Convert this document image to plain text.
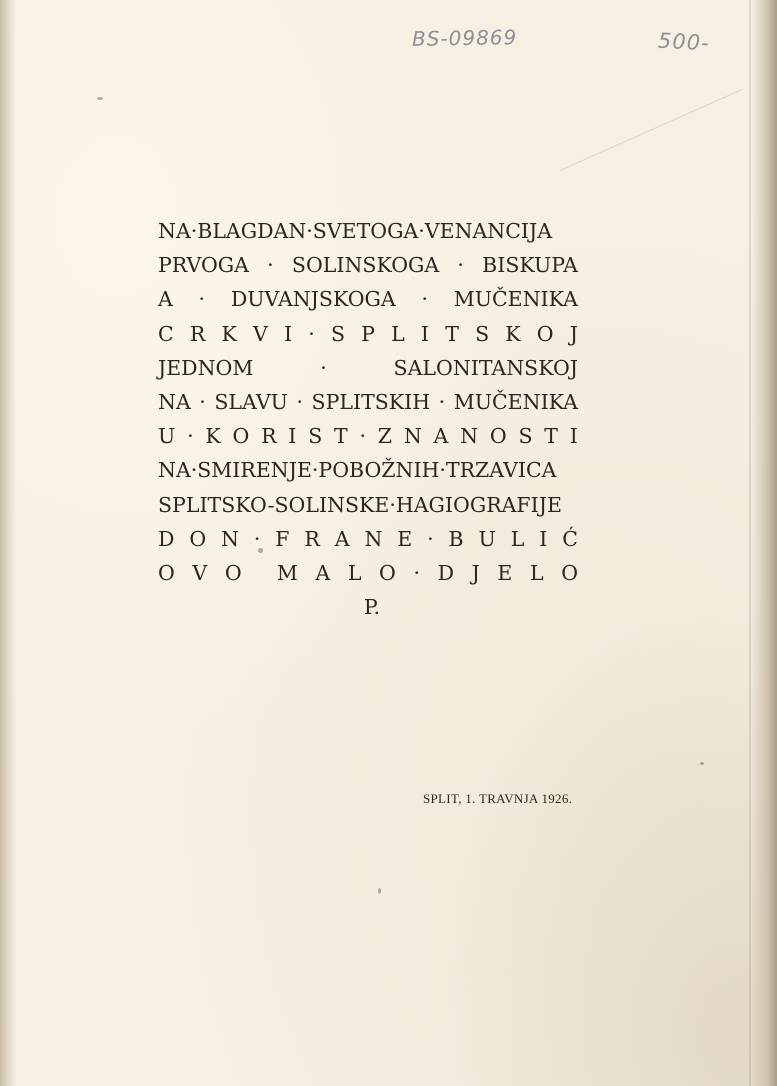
BS-09869	500-
NA·BLAGDAN·SVETOGA·VENANCIJA
PRVOGA · SOLINSKOGA · BISKUPA
A · DUVANJSKOGA · MUČENIKA
C R K V I · S P L I T S K O J
JEDNOM	·	SALONITANSKOJ
NA · SLAVU · SPLITSKIH · MUČENIKA
U · K O R I S T · Z N A N O S T I
NA·SMIRENJE·POBOŽNIH·TRZAVICA
SPLITSKO-SOLINSKE·HAGIOGRAFIJE
D O N · F R A N E · B U L I Ć
O V O M A L O · D J E L O
P.
SPLIT, 1. TRAVNJA 1926.
